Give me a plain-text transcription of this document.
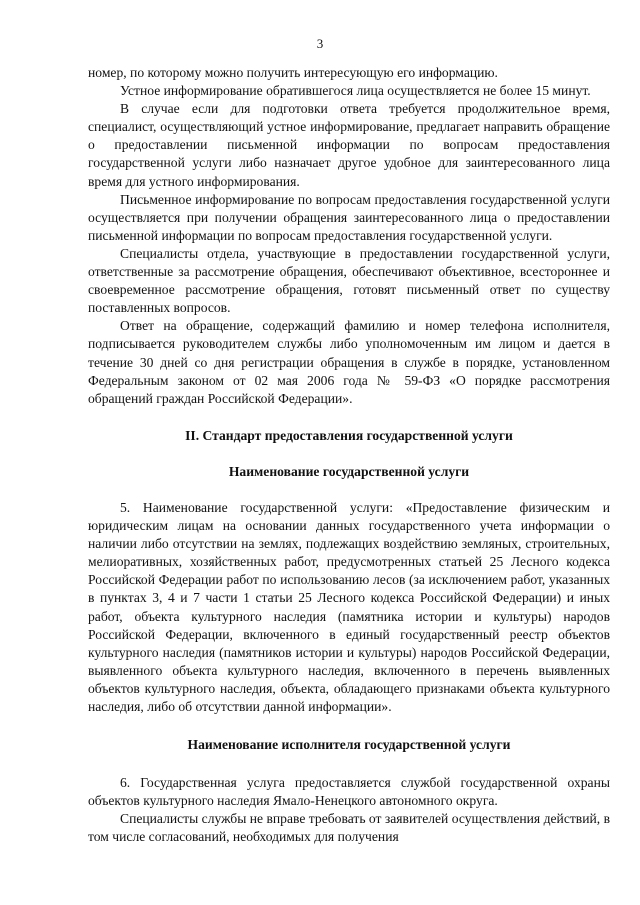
3

номер, по которому можно получить интересующую его информацию.

Устное информирование обратившегося лица осуществляется не более 15 минут.

В случае если для подготовки ответа требуется продолжительное время, специалист, осуществляющий устное информирование, предлагает направить обращение о предоставлении письменной информации по вопросам предоставления государственной услуги либо назначает другое удобное для заинтересованного лица время для устного информирования.

Письменное информирование по вопросам предоставления государственной услуги осуществляется при получении обращения заинтересованного лица о предоставлении письменной информации по вопросам предоставления государственной услуги.

Специалисты отдела, участвующие в предоставлении государственной услуги, ответственные за рассмотрение обращения, обеспечивают объективное, всестороннее и своевременное рассмотрение обращения, готовят письменный ответ по существу поставленных вопросов.

Ответ на обращение, содержащий фамилию и номер телефона исполнителя, подписывается руководителем службы либо уполномоченным им лицом и дается в течение 30 дней со дня регистрации обращения в службе в порядке, установленном Федеральным законом от 02 мая 2006 года № 59-ФЗ «О порядке рассмотрения обращений граждан Российской Федерации».

II. Стандарт предоставления государственной услуги

Наименование государственной услуги

5. Наименование государственной услуги: «Предоставление физическим и юридическим лицам на основании данных государственного учета информации о наличии либо отсутствии на землях, подлежащих воздействию земляных, строительных, мелиоративных, хозяйственных работ, предусмотренных статьей 25 Лесного кодекса Российской Федерации работ по использованию лесов (за исключением работ, указанных в пунктах 3, 4 и 7 части 1 статьи 25 Лесного кодекса Российской Федерации) и иных работ, объекта культурного наследия (памятника истории и культуры) народов Российской Федерации, включенного в единый государственный реестр объектов культурного наследия (памятников истории и культуры) народов Российской Федерации, выявленного объекта культурного наследия, включенного в перечень выявленных объектов культурного наследия, объекта, обладающего признаками объекта культурного наследия, либо об отсутствии данной информации».

Наименование исполнителя государственной услуги

6. Государственная услуга предоставляется службой государственной охраны объектов культурного наследия Ямало-Ненецкого автономного округа.

Специалисты службы не вправе требовать от заявителей осуществления действий, в том числе согласований, необходимых для получения
